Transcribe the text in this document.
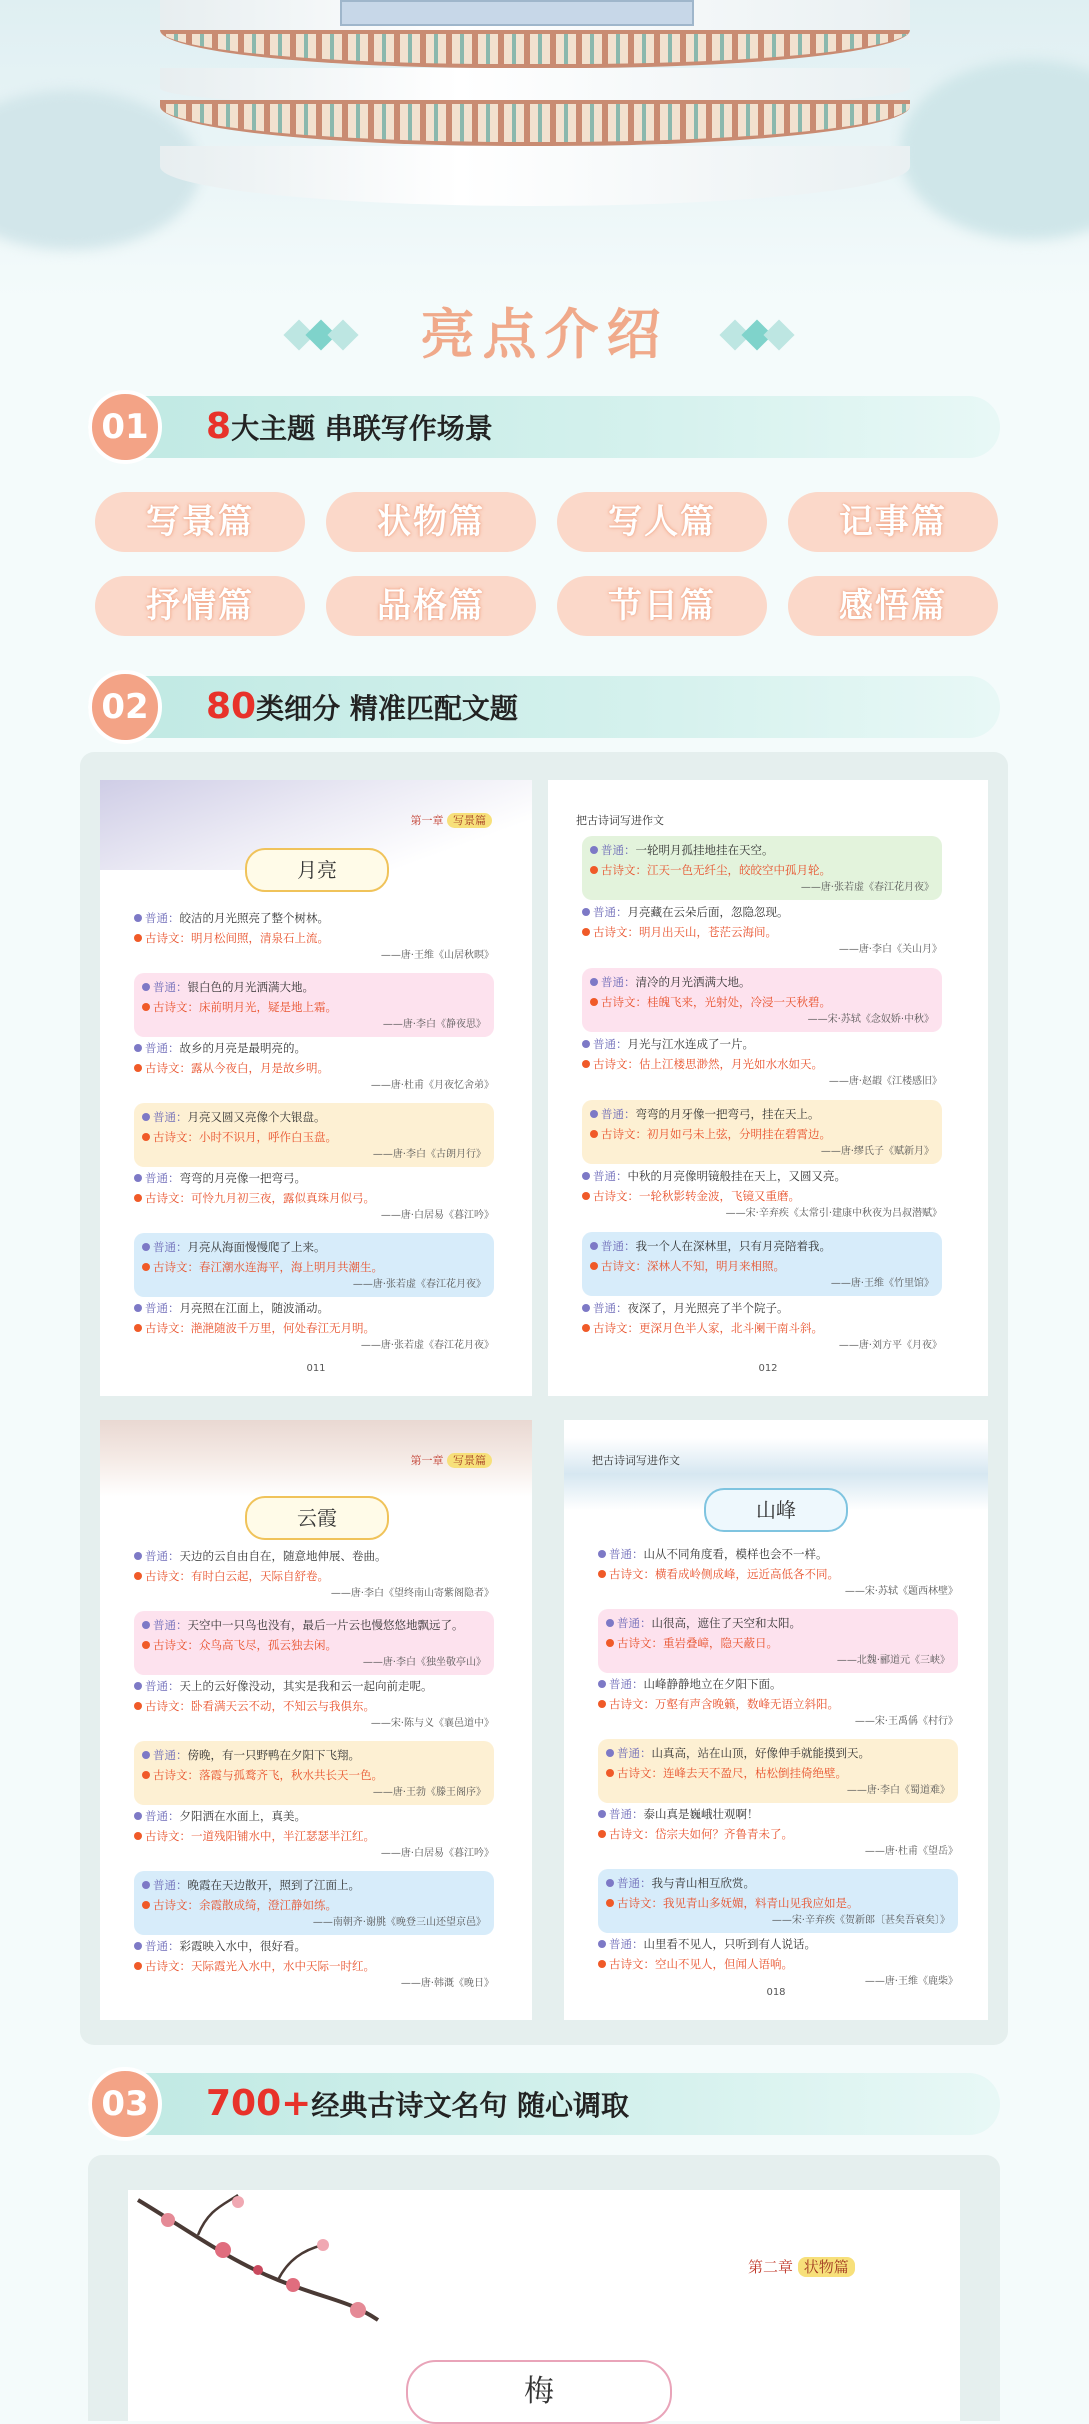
亮点介绍
01	8大主题 串联写作场景
写景篇	状物篇	写人篇	记事篇
抒情篇	品格篇	节日篇	感悟篇
02	80类细分 精准匹配文题
第一章 写景篇
月亮
普通：皎洁的月光照亮了整个树林。
古诗文：明月松间照，清泉石上流。
——唐·王维《山居秋暝》
普通：银白色的月光洒满大地。
古诗文：床前明月光，疑是地上霜。
——唐·李白《静夜思》
普通：故乡的月亮是最明亮的。
古诗文：露从今夜白，月是故乡明。
——唐·杜甫《月夜忆舍弟》
普通：月亮又圆又亮像个大银盘。
古诗文：小时不识月，呼作白玉盘。
——唐·李白《古朗月行》
普通：弯弯的月亮像一把弯弓。
古诗文：可怜九月初三夜，露似真珠月似弓。
——唐·白居易《暮江吟》
普通：月亮从海面慢慢爬了上来。
古诗文：春江潮水连海平，海上明月共潮生。
——唐·张若虚《春江花月夜》
普通：月亮照在江面上，随波涌动。
古诗文：滟滟随波千万里，何处春江无月明。
——唐·张若虚《春江花月夜》
011
把古诗词写进作文
普通：一轮明月孤挂地挂在天空。
古诗文：江天一色无纤尘，皎皎空中孤月轮。
——唐·张若虚《春江花月夜》
普通：月亮藏在云朵后面，忽隐忽现。
古诗文：明月出天山，苍茫云海间。
——唐·李白《关山月》
普通：清冷的月光洒满大地。
古诗文：桂魄飞来，光射处，冷浸一天秋碧。
——宋·苏轼《念奴娇·中秋》
普通：月光与江水连成了一片。
古诗文：估上江楼思渺然，月光如水水如天。
——唐·赵嘏《江楼感旧》
普通：弯弯的月牙像一把弯弓，挂在天上。
古诗文：初月如弓未上弦，分明挂在碧霄边。
——唐·缪氏子《赋新月》
普通：中秋的月亮像明镜般挂在天上，又圆又亮。
古诗文：一轮秋影转金波，飞镜又重磨。
——宋·辛弃疾《太常引·建康中秋夜为吕叔潜赋》
普通：我一个人在深林里，只有月亮陪着我。
古诗文：深林人不知，明月来相照。
——唐·王维《竹里馆》
普通：夜深了，月光照亮了半个院子。
古诗文：更深月色半人家，北斗阑干南斗斜。
——唐·刘方平《月夜》
012
第一章 写景篇
云霞
普通：天边的云自由自在，随意地伸展、卷曲。
古诗文：有时白云起，天际自舒卷。
——唐·李白《望终南山寄紫阁隐者》
普通：天空中一只鸟也没有，最后一片云也慢悠悠地飘远了。
古诗文：众鸟高飞尽，孤云独去闲。
——唐·李白《独坐敬亭山》
普通：天上的云好像没动，其实是我和云一起向前走呢。
古诗文：卧看满天云不动，不知云与我俱东。
——宋·陈与义《襄邑道中》
普通：傍晚，有一只野鸭在夕阳下飞翔。
古诗文：落霞与孤鹜齐飞，秋水共长天一色。
——唐·王勃《滕王阁序》
普通：夕阳洒在水面上，真美。
古诗文：一道残阳铺水中，半江瑟瑟半江红。
——唐·白居易《暮江吟》
普通：晚霞在天边散开，照到了江面上。
古诗文：余霞散成绮，澄江静如练。
——南朝齐·谢朓《晚登三山还望京邑》
普通：彩霞映入水中，很好看。
古诗文：天际霞光入水中，水中天际一时红。
——唐·韩溉《晚日》
把古诗词写进作文
山峰
普通：山从不同角度看，模样也会不一样。
古诗文：横看成岭侧成峰，远近高低各不同。
——宋·苏轼《题西林壁》
普通：山很高，遮住了天空和太阳。
古诗文：重岩叠嶂，隐天蔽日。
——北魏·郦道元《三峡》
普通：山峰静静地立在夕阳下面。
古诗文：万壑有声含晚籁，数峰无语立斜阳。
——宋·王禹偁《村行》
普通：山真高，站在山顶，好像伸手就能摸到天。
古诗文：连峰去天不盈尺，枯松倒挂倚绝壁。
——唐·李白《蜀道难》
普通：泰山真是巍峨壮观啊！
古诗文：岱宗夫如何？齐鲁青未了。
——唐·杜甫《望岳》
普通：我与青山相互欣赏。
古诗文：我见青山多妩媚，料青山见我应如是。
——宋·辛弃疾《贺新郎〔甚矣吾衰矣〕》
普通：山里看不见人，只听到有人说话。
古诗文：空山不见人，但闻人语响。
——唐·王维《鹿柴》
018
03	700+经典古诗文名句 随心调取
第二章 状物篇
梅
